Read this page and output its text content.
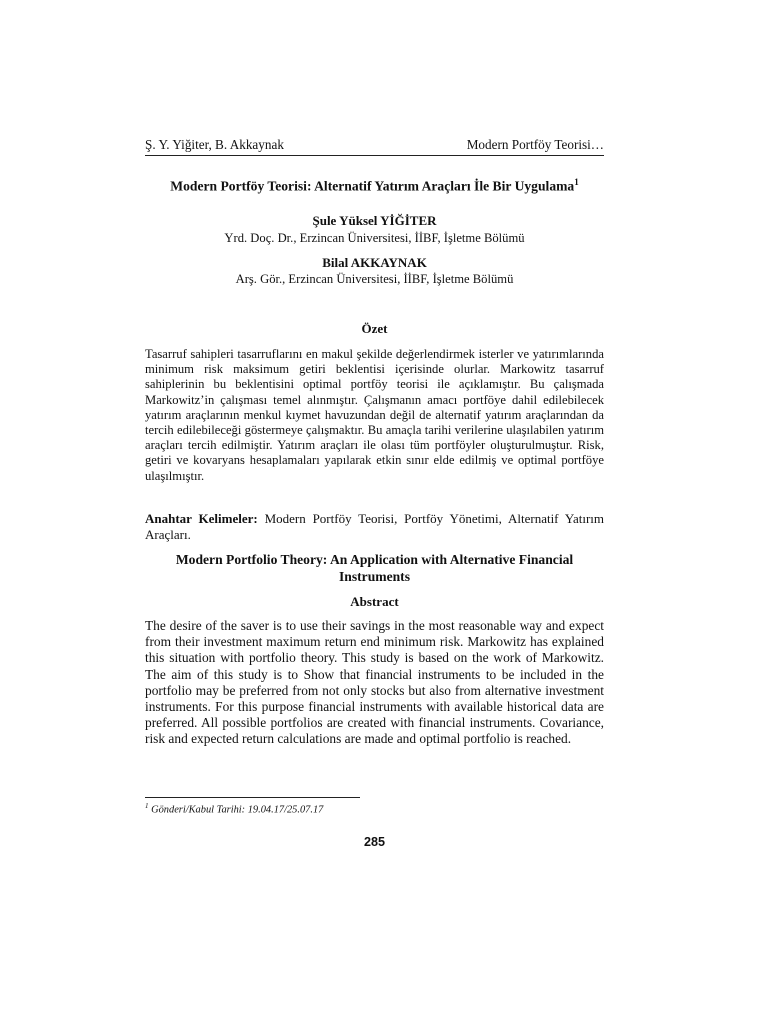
Ş. Y. Yiğiter, B. Akkaynak	Modern Portföy Teorisi…
Modern Portföy Teorisi: Alternatif Yatırım Araçları İle Bir Uygulama$^1$
Şule Yüksel YİĞİTER
Yrd. Doç. Dr., Erzincan Üniversitesi, İİBF, İşletme Bölümü
Bilal AKKAYNAK
Arş. Gör., Erzincan Üniversitesi, İİBF, İşletme Bölümü
Özet

Tasarruf sahipleri tasarruflarını en makul şekilde değerlendirmek isterler ve yatırımlarında minimum risk maksimum getiri beklentisi içerisinde olurlar. Markowitz tasarruf sahiplerinin bu beklentisini optimal portföy teorisi ile açıklamıştır. Bu çalışmada Markowitz’in çalışması temel alınmıştır. Çalışmanın amacı portföye dahil edilebilecek yatırım araçlarının menkul kıymet havuzundan değil de alternatif yatırım araçlarından da tercih edilebileceği göstermeye çalışmaktır. Bu amaçla tarihi verilerine ulaşılabilen yatırım araçları tercih edilmiştir. Yatırım araçları ile olası tüm portföyler oluşturulmuştur. Risk, getiri ve kovaryans hesaplamaları yapılarak etkin sınır elde edilmiş ve optimal portföye ulaşılmıştır.

Anahtar Kelimeler: Modern Portföy Teorisi, Portföy Yönetimi, Alternatif Yatırım Araçları.

Modern Portfolio Theory: An Application with Alternative Financial Instruments
Abstract

The desire of the saver is to use their savings in the most reasonable way and expect from their investment maximum return end minimum risk. Markowitz has explained this situation with portfolio theory. This study is based on the work of Markowitz. The aim of this study is to Show that financial instruments to be included in the portfolio may be preferred from not only stocks but also from alternative investment instruments. For this purpose financial instruments with available historical data are preferred. All possible portfolios are created with financial instruments. Covariance, risk and expected return calculations are made and optimal portfolio is reached.

$^1$ Gönderi/Kabul Tarihi: 19.04.17/25.07.17
285
